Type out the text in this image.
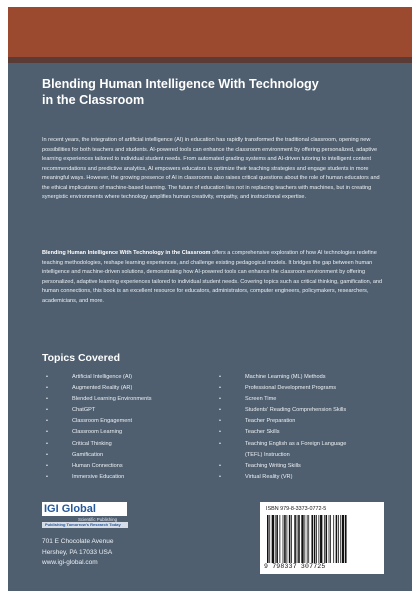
Blending Human Intelligence With Technology
in the Classroom

In recent years, the integration of artificial intelligence (AI) in education has rapidly transformed the traditional classroom, opening new possibilities for both teachers and students. AI-powered tools can enhance the classroom environment by offering personalized, adaptive learning experiences tailored to individual student needs. From automated grading systems and AI-driven tutoring to intelligent content recommendations and predictive analytics, AI empowers educators to optimize their teaching strategies and engage students in more meaningful ways. However, the growing presence of AI in classrooms also raises critical questions about the role of human educators and the ethical implications of machine-based learning. The future of education lies not in replacing teachers with machines, but in creating synergistic environments where technology amplifies human creativity, empathy, and instructional expertise.

Blending Human Intelligence With Technology in the Classroom offers a comprehensive exploration of how AI technologies redefine teaching methodologies, reshape learning experiences, and challenge existing pedagogical models. It bridges the gap between human intelligence and machine-driven solutions, demonstrating how AI-powered tools can enhance the classroom environment by offering personalized, adaptive learning experiences tailored to individual student needs. Covering topics such as critical thinking, gamification, and human connections, this book is an excellent resource for educators, administrators, computer engineers, policymakers, researchers, academicians, and more.

Topics Covered
• Artificial Intelligence (AI)
• Augmented Reality (AR)
• Blended Learning Environments
• ChatGPT
• Classroom Engagement
• Classroom Learning
• Critical Thinking
• Gamification
• Human Connections
• Immersive Education
• Machine Learning (ML) Methods
• Professional Development Programs
• Screen Time
• Students' Reading Comprehension Skills
• Teacher Preparation
• Teacher Skills
• Teaching English as a Foreign Language
(TEFL) Instruction
• Teaching Writing Skills
• Virtual Reality (VR)
IGI Global
Scientific Publishing
Publishing Tomorrow's Research Today
701 E Chocolate Avenue
Hershey, PA 17033 USA
www.igi-global.com
ISBN 979-8-3373-0772-5
9 798337 307725
